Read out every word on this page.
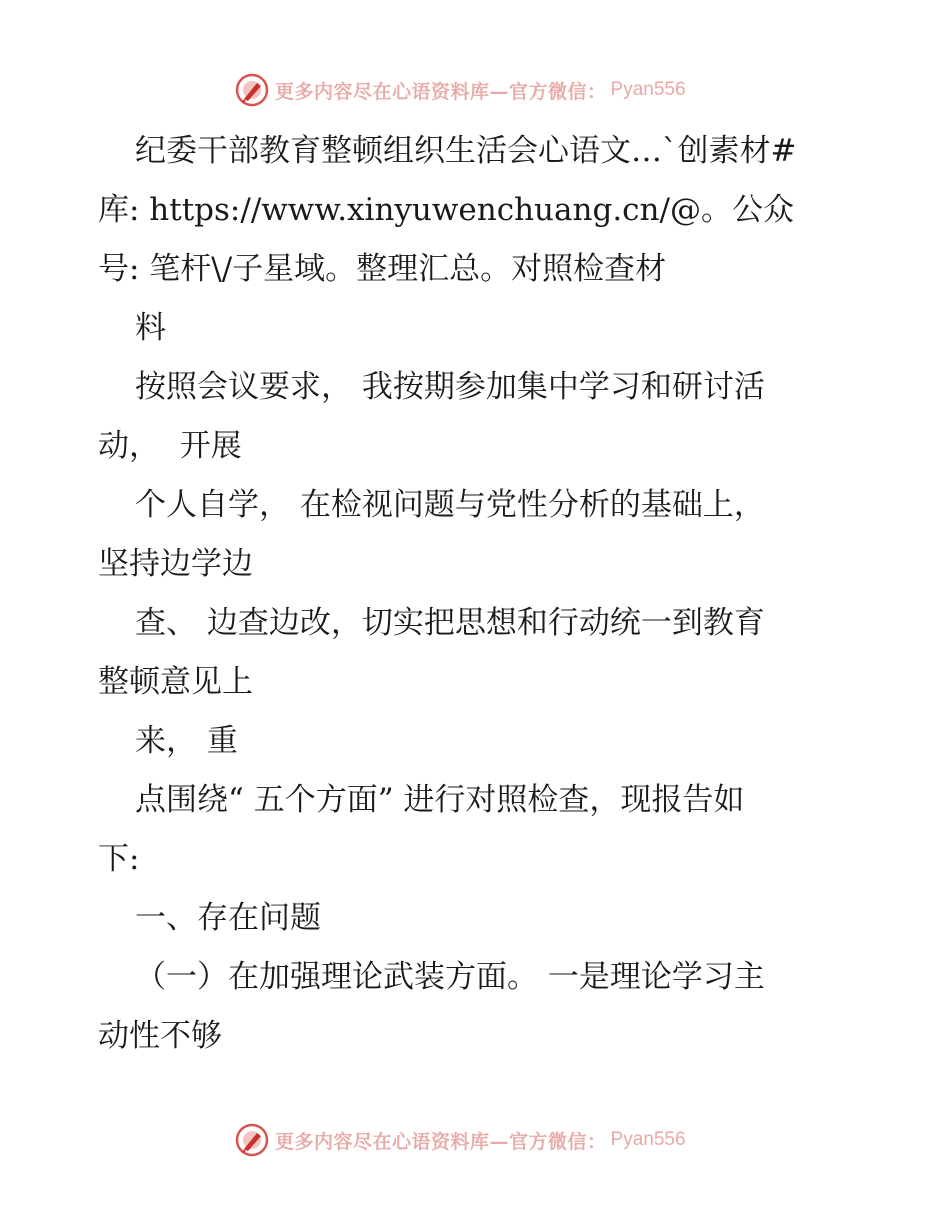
更多内容尽在心语资料库—官方微信： Pyan556
纪委干部教育整顿组织生活会心语文…`创素材#
库: https://www.xinyuwenchuang.cn/@。公众
号: 笔杆\/子星域。整理汇总。对照检查材
料
按照会议要求， 我按期参加集中学习和研讨活
动，  开展
个人自学， 在检视问题与党性分析的基础上，
坚持边学边
查、 边查边改，切实把思想和行动统一到教育
整顿意见上
来， 重
点围绕“ 五个方面” 进行对照检查，现报告如
下:
一、存在问题
（一）在加强理论武装方面。 一是理论学习主
动性不够
更多内容尽在心语资料库—官方微信： Pyan556
